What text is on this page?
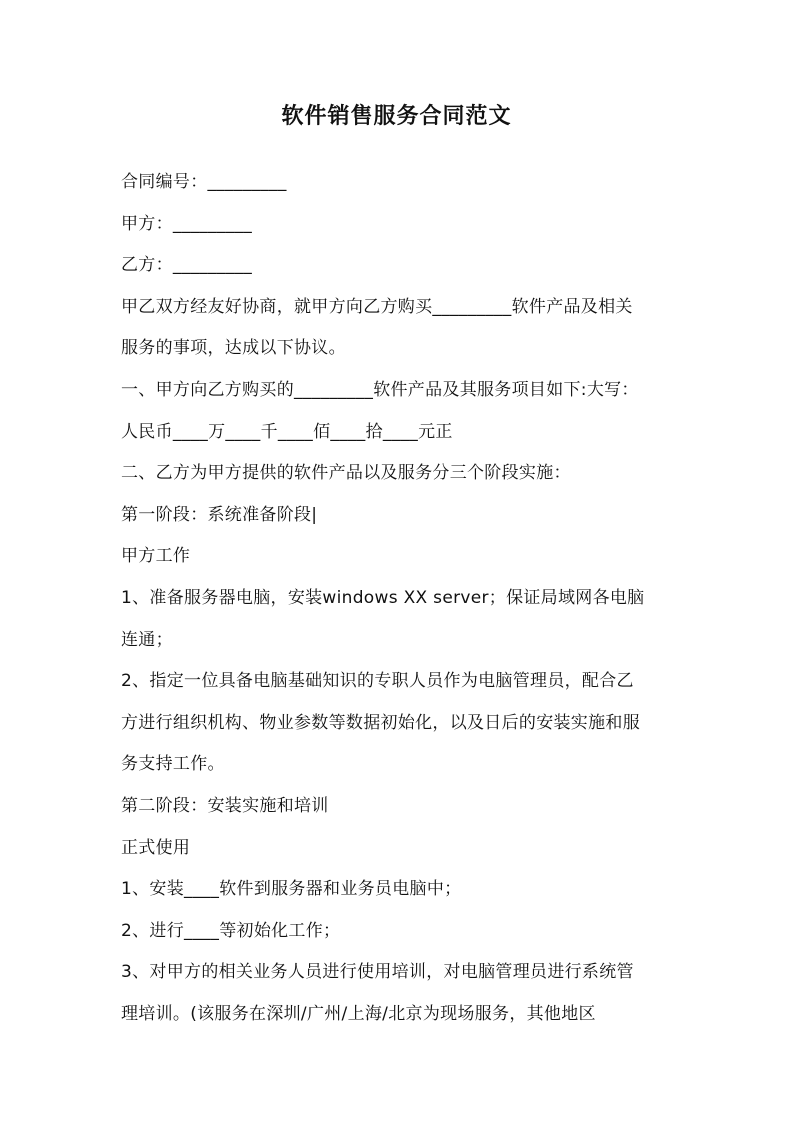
软件销售服务合同范文
合同编号：_________
甲方：_________
乙方：_________
甲乙双方经友好协商，就甲方向乙方购买_________软件产品及相关
服务的事项，达成以下协议。
一、甲方向乙方购买的_________软件产品及其服务项目如下:大写：
人民币____万____千____佰____拾____元正
二、乙方为甲方提供的软件产品以及服务分三个阶段实施：
第一阶段：系统准备阶段|
甲方工作
1、准备服务器电脑，安装windows XX server；保证局域网各电脑
连通；
2、指定一位具备电脑基础知识的专职人员作为电脑管理员，配合乙
方进行组织机构、物业参数等数据初始化，以及日后的安装实施和服
务支持工作。
第二阶段：安装实施和培训
正式使用
1、安装____软件到服务器和业务员电脑中；
2、进行____等初始化工作；
3、对甲方的相关业务人员进行使用培训，对电脑管理员进行系统管
理培训。(该服务在深圳/广州/上海/北京为现场服务，其他地区
